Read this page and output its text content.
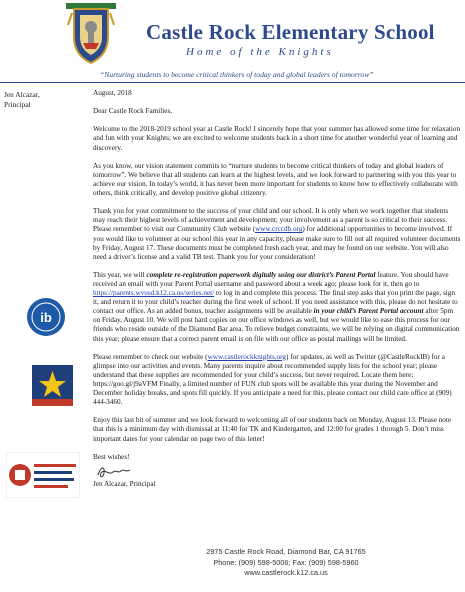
Castle Rock Elementary School
Home of the Knights
“Nurturing students to become critical thinkers of today and global leaders of tomorrow”
Jen Alcazar,
Principal
ib

August, 2018

Dear Castle Rock Families,

Welcome to the 2018-2019 school year at Castle Rock! I sincerely hope that your summer has allowed some time for relaxation and fun with your Knights; we are excited to welcome students back in a short time for another wonderful year of learning and discovery.

As you know, our vision statement commits to “nurture students to become critical thinkers of today and global leaders of tomorrow”. We believe that all students can learn at the highest levels, and we look forward to partnering with you this year to achieve our vision. In today’s world, it has never been more important for students to know how to effectively collaborate with others, think critically, and develop positive global citizenry.

Thank you for your commitment to the success of your child and our school. It is only when we work together that students may reach their highest levels of achievement and development; your involvement as a parent is so critical to their success. Please remember to visit our Community Club website (www.crccdb.org) for additional opportunities to become involved. If you would like to volunteer at our school this year in any capacity, please make sure to fill out all required volunteer documents by Friday, August 17. These documents must be completed fresh each year, and may be found on our website. You will also need a driver’s license and a valid TB test. Thank you for your consideration!

This year, we will complete re-registration paperwork digitally using our district’s Parent Portal feature. You should have received an email with your Parent Portal username and password about a week ago; please look for it, then go to https://parents.wvusd.k12.ca.us/series.net/ to log in and complete this process. The final step asks that you print the page, sign it, and return it to your child’s teacher during the first week of school. If you need assistance with this, please do not hesitate to contact our office. As an added bonus, teacher assignments will be available in your child’s Parent Portal account after 5pm on Friday, August 10. We will post hard copies on our office windows as well, but we would like to ease this process for our friends who reside outside of the Diamond Bar area. To relieve budget constraints, we will be relying on digital communication this year; please ensure that a correct parent email is on file with our office as postal mailings will be limited.

Please remember to check our website (www.castlerockknights.org) for updates, as well as Twitter (@CastleRockIB) for a glimpse into our activities and events. Many parents inquire about recommended supply lists for the school year; please understand that these supplies are recommended for your child’s success, but never required. Locate them here: https://goo.gl/j9aVFM Finally, a limited number of FUN club spots will be available this year during the November and December holiday breaks, and spots fill quickly. If you anticipate a need for this, please contact our child care office at (909) 444-3460.

Enjoy this last bit of summer and we look forward to welcoming all of our students back on Monday, August 13. Please note that this is a minimum day with dismissal at 11:40 for TK and Kindergarten, and 12:00 for grades 1 through 5. Don’t miss important dates for your calendar on page two of this letter!

Best wishes!
Jen Alcazar, Principal
2975 Castle Rock Road, Diamond Bar, CA 91765
Phone: (909) 598-5006; Fax: (909) 598-5960
www.castlerock.k12.ca.us
